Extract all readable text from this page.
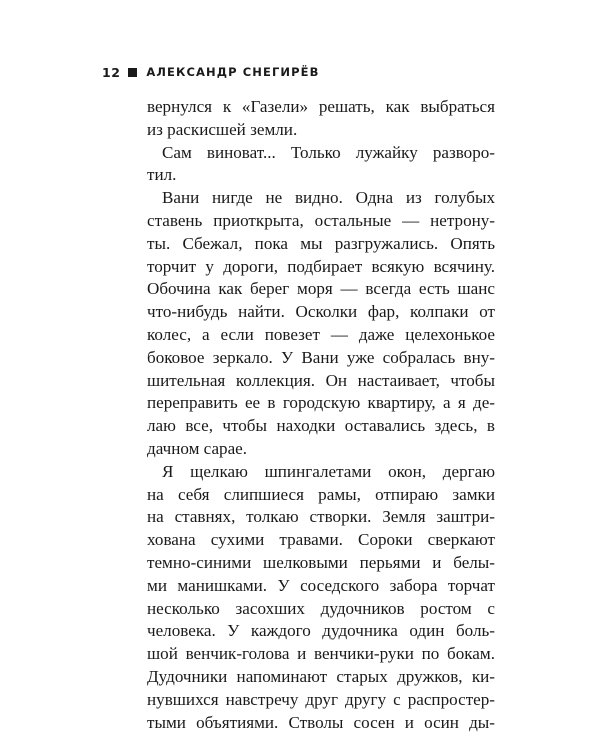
12 АЛЕКСАНДР СНЕГИРЁВ
вернулся к «Газели» решать, как выбраться
из раскисшей земли.
Сам виноват... Только лужайку разворо-
тил.
Вани нигде не видно. Одна из голубых
ставень приоткрыта, остальные — нетрону-
ты. Сбежал, пока мы разгружались. Опять
торчит у дороги, подбирает всякую всячину.
Обочина как берег моря — всегда есть шанс
что-нибудь найти. Осколки фар, колпаки от
колес, а если повезет — даже целехонькое
боковое зеркало. У Вани уже собралась вну-
шительная коллекция. Он настаивает, чтобы
переправить ее в городскую квартиру, а я де-
лаю все, чтобы находки оставались здесь, в
дачном сарае.
Я щелкаю шпингалетами окон, дергаю
на себя слипшиеся рамы, отпираю замки
на ставнях, толкаю створки. Земля заштри-
хована сухими травами. Сороки сверкают
темно-синими шелковыми перьями и белы-
ми манишками. У соседского забора торчат
несколько засохших дудочников ростом с
человека. У каждого дудочника один боль-
шой венчик-голова и венчики-руки по бокам.
Дудочники напоминают старых дружков, ки-
нувшихся навстречу друг другу с распростер-
тыми объятиями. Стволы сосен и осин ды-
